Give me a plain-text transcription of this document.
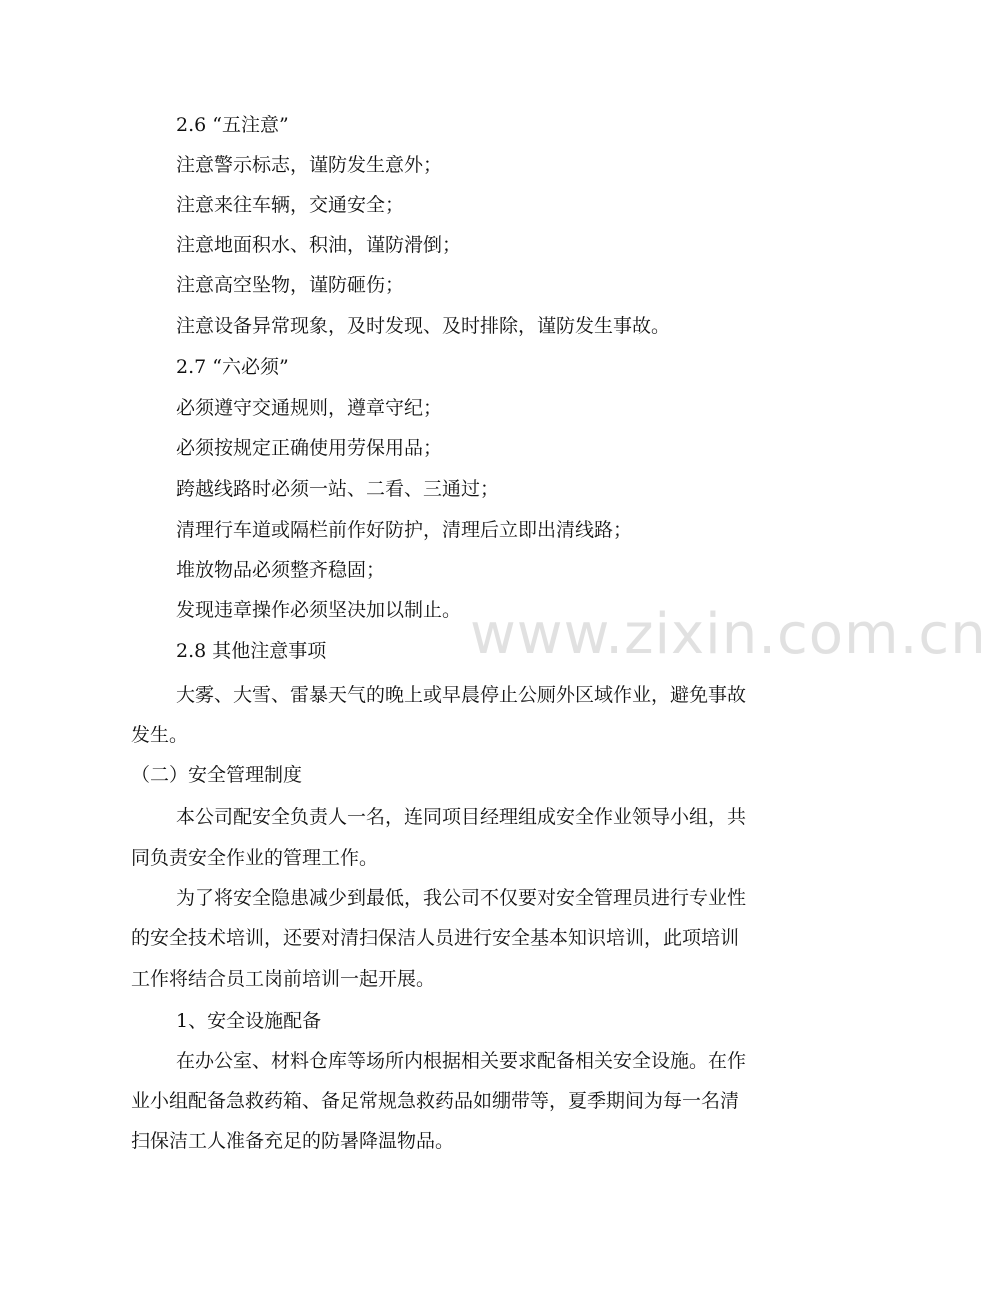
2.6 “五注意”
注意警示标志，谨防发生意外；
注意来往车辆，交通安全；
注意地面积水、积油，谨防滑倒；
注意高空坠物，谨防砸伤；
注意设备异常现象，及时发现、及时排除，谨防发生事故。
2.7 “六必须”
必须遵守交通规则，遵章守纪；
必须按规定正确使用劳保用品；
跨越线路时必须一站、二看、三通过；
清理行车道或隔栏前作好防护，清理后立即出清线路；
堆放物品必须整齐稳固；
发现违章操作必须坚决加以制止。
2.8 其他注意事项
大雾、大雪、雷暴天气的晚上或早晨停止公厕外区域作业，避免事故
发生。
（二）安全管理制度
本公司配安全负责人一名，连同项目经理组成安全作业领导小组，共
同负责安全作业的管理工作。
为了将安全隐患减少到最低，我公司不仅要对安全管理员进行专业性
的安全技术培训，还要对清扫保洁人员进行安全基本知识培训，此项培训
工作将结合员工岗前培训一起开展。
1、安全设施配备
在办公室、材料仓库等场所内根据相关要求配备相关安全设施。在作
业小组配备急救药箱、备足常规急救药品如绷带等，夏季期间为每一名清
扫保洁工人准备充足的防暑降温物品。
www.zixin.com.cn
